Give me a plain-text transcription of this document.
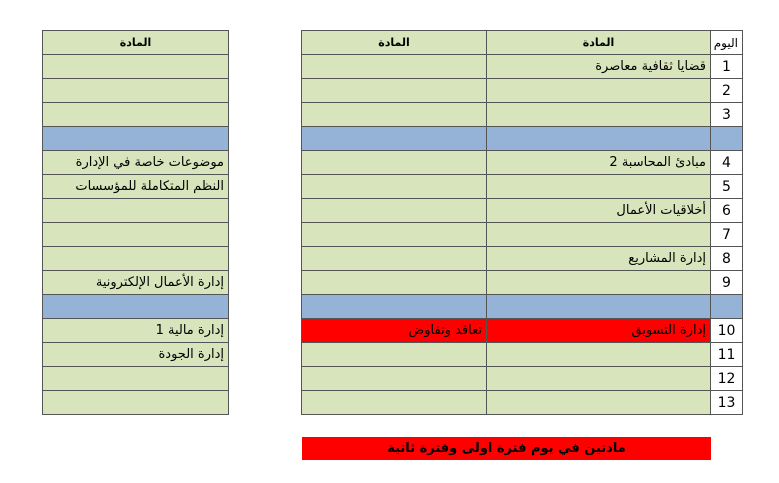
المادة

موضوعات خاصة في الإدارة
النظم المتكاملة للمؤسسات

إدارة الأعمال الإلكترونية

إدارة مالية 1
إدارة الجودة

اليوم	المادة	المادة
1	قضايا ثقافية معاصرة	
2		
3		

4	مبادئ المحاسبة 2	
5		
6	أخلاقيات الأعمال	
7		
8	إدارة المشاريع	
9		

10	إدارة التسويق	تعاقد وتفاوض
11		
12		
13		
مادتين في يوم فترة اولى وفترة ثانية
